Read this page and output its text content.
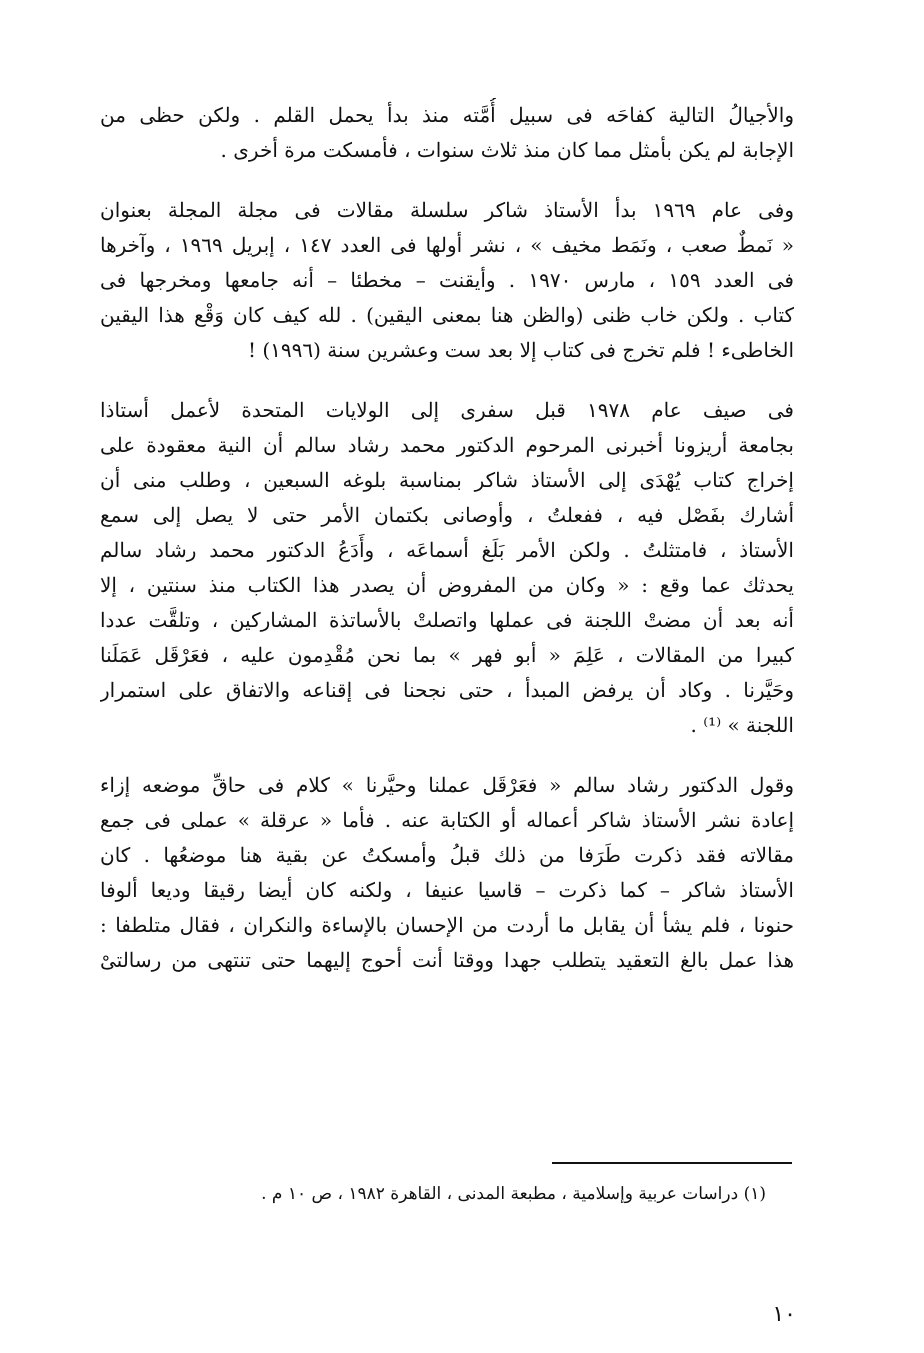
والأجيالُ التالية كفاحَه فى سبيل أُمَّته منذ بدأ يحمل القلم . ولكن حظى من
الإجابة لم يكن بأمثل مما كان منذ ثلاث سنوات ، فأمسكت مرة أخرى .

وفى عام ١٩٦٩ بدأ الأستاذ شاكر سلسلة مقالات فى مجلة المجلة بعنوان
« نَمطٌ صعب ، ونَمَط مخيف » ، نشر أولها فى العدد ١٤٧ ، إبريل ١٩٦٩ ، وآخرها
فى العدد ١٥٩ ، مارس ١٩٧٠ . وأيقنت – مخطئا – أنه جامعها ومخرجها فى
كتاب . ولكن خاب ظنى (والظن هنا بمعنى اليقين) . لله كيف كان وَقْع هذا اليقين
الخاطىء ! فلم تخرج فى كتاب إلا بعد ست وعشرين سنة (١٩٩٦) !

فى صيف عام ١٩٧٨ قبل سفرى إلى الولايات المتحدة لأعمل أستاذا
بجامعة أريزونا أخبرنى المرحوم الدكتور محمد رشاد سالم أن النية معقودة على
إخراج كتاب يُهْدَى إلى الأستاذ شاكر بمناسبة بلوغه السبعين ، وطلب منى أن
أشارك بفَصْل فيه ، ففعلتُ ، وأوصانى بكتمان الأمر حتى لا يصل إلى سمع
الأستاذ ، فامتثلتُ . ولكن الأمر بَلَغ أسماعَه ، وأَدَعُ الدكتور محمد رشاد سالم
يحدثك عما وقع : « وكان من المفروض أن يصدر هذا الكتاب منذ سنتين ، إلا
أنه بعد أن مضتْ اللجنة فى عملها واتصلتْ بالأساتذة المشاركين ، وتلقَّت عددا
كبيرا من المقالات ، عَلِمَ « أبو فهر » بما نحن مُقْدِمون عليه ، فعَرْقَل عَمَلَنا
وحَيَّرنا . وكاد أن يرفض المبدأ ، حتى نجحنا فى إقناعه والاتفاق على استمرار
اللجنة » ⁽¹⁾ .

وقول الدكتور رشاد سالم « فعَرْقَل عملنا وحيَّرنا » كلام فى حاقِّ موضعه إزاء
إعادة نشر الأستاذ شاكر أعماله أو الكتابة عنه . فأما « عرقلة » عملى فى جمع
مقالاته فقد ذكرت طَرَفا من ذلك قبلُ وأمسكتُ عن بقية هنا موضعُها . كان
الأستاذ شاكر – كما ذكرت – قاسيا عنيفا ، ولكنه كان أيضا رقيقا وديعا ألوفا
حنونا ، فلم يشأ أن يقابل ما أردت من الإحسان بالإساءة والنكران ، فقال متلطفا :
هذا عمل بالغ التعقيد يتطلب جهدا ووقتا أنت أحوج إليهما حتى تنتهى من رسالتىْ

(١) دراسات عربية وإسلامية ، مطبعة المدنى ، القاهرة ١٩٨٢ ، ص ١٠ م .
١٠
